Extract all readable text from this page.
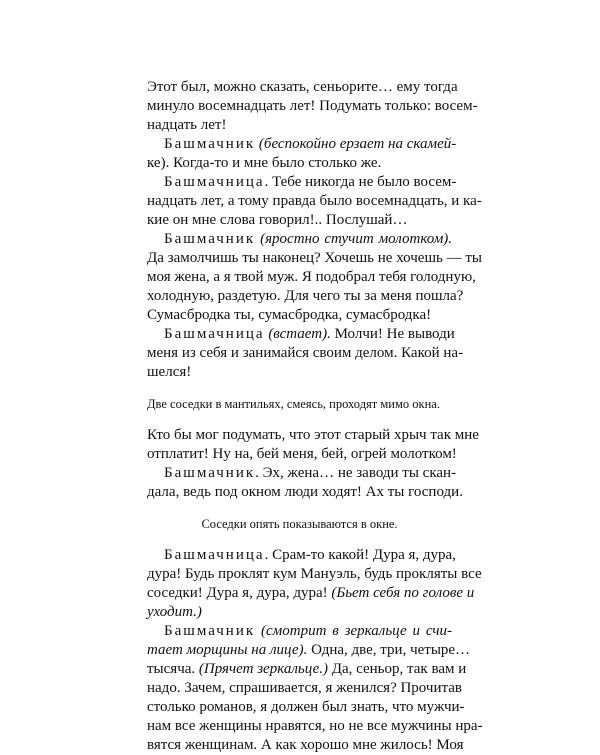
Этот был, можно сказать, сеньорите… ему тогда
минуло восемнадцать лет! Подумать только: восем-
надцать лет!
Башмачник (беспокойно ерзает на скамей-
ке). Когда-то и мне было столько же.
Башмачница. Тебе никогда не было восем-
надцать лет, а тому правда было восемнадцать, и ка-
кие он мне слова говорил!.. Послушай…
Башмачник (яростно стучит молотком).
Да замолчишь ты наконец? Хочешь не хочешь — ты
моя жена, а я твой муж. Я подобрал тебя голодную,
холодную, раздетую. Для чего ты за меня пошла?
Сумасбродка ты, сумасбродка, сумасбродка!
Башмачница (встает). Молчи! Не выводи
меня из себя и занимайся своим делом. Какой на-
шелся!
Две соседки в мантильях, смеясь, проходят мимо окна.
Кто бы мог подумать, что этот старый хрыч так мне
отплатит! Ну на, бей меня, бей, огрей молотком!
Башмачник. Эх, жена… не заводи ты скан-
дала, ведь под окном люди ходят! Ах ты господи.
Соседки опять показываются в окне.
Башмачница. Срам-то какой! Дура я, дура,
дура! Будь проклят кум Мануэль, будь прокляты все
соседки! Дура я, дура, дура! (Бьет себя по голове и
уходит.)
Башмачник (смотрит в зеркальце и счи-
тает морщины на лице). Одна, две, три, четыре…
тысяча. (Прячет зеркальце.) Да, сеньор, так вам и
надо. Зачем, спрашивается, я женился? Прочитав
столько романов, я должен был знать, что мужчи-
нам все женщины нравятся, но не все мужчины нра-
вятся женщинам. А как хорошо мне жилось! Моя
